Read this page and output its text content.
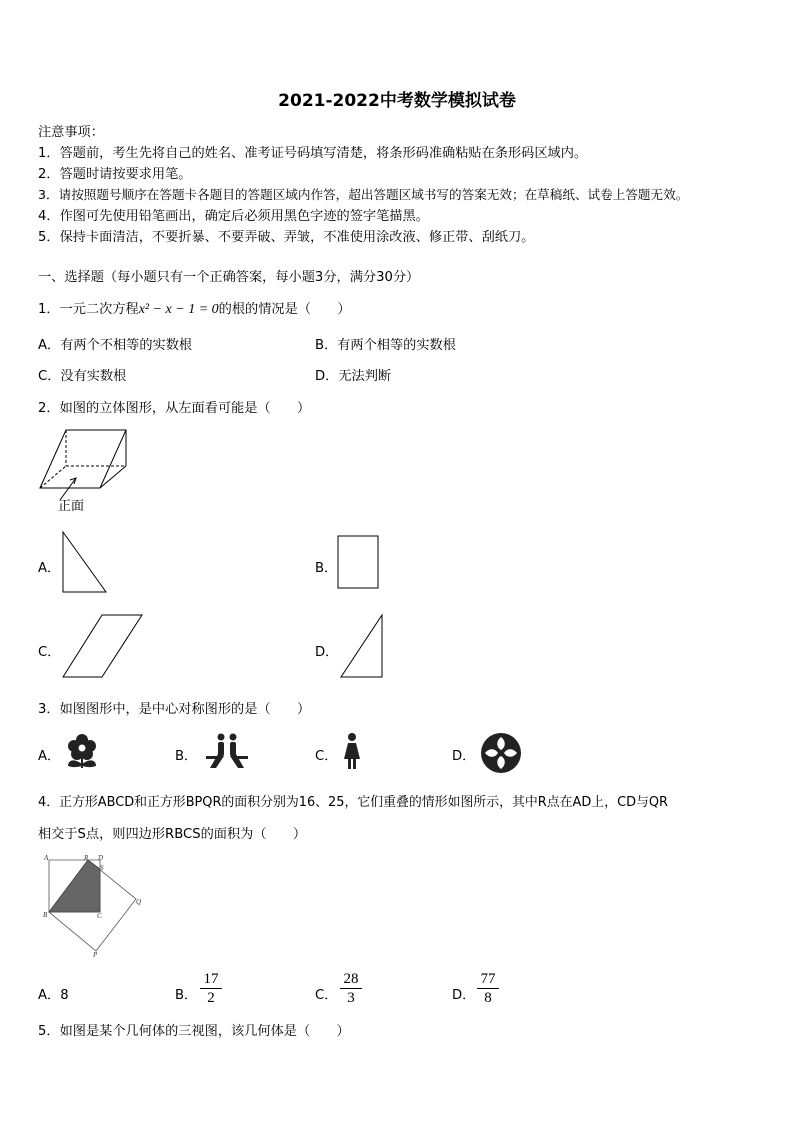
2021-2022中考数学模拟试卷
注意事项：
1．答题前，考生先将自己的姓名、准考证号码填写清楚，将条形码准确粘贴在条形码区域内。
2．答题时请按要求用笔。
3．请按照题号顺序在答题卡各题目的答题区域内作答，超出答题区域书写的答案无效；在草稿纸、试卷上答题无效。
4．作图可先使用铅笔画出，确定后必须用黑色字迹的签字笔描黑。
5．保持卡面清洁，不要折暴、不要弄破、弄皱，不准使用涂改液、修正带、刮纸刀。
一、选择题（每小题只有一个正确答案，每小题3分，满分30分）
1．一元二次方程x² − x − 1 = 0的根的情况是（　　）
A．有两个不相等的实数根	B．有两个相等的实数根
C．没有实数根	D．无法判断
2．如图的立体图形，从左面看可能是（　　）
正面
A．	B．
C．	D．
3．如图图形中，是中心对称图形的是（　　）
A．	B．	C．	D．
4．正方形ABCD和正方形BPQR的面积分别为16、25，它们重叠的情形如图所示，其中R点在AD上，CD与QR
相交于S点，则四边形RBCS的面积为（　　）
A	R D
S
B	C
Q
P
A．8	B． $\frac{17}{2}$	C． $\frac{28}{3}$	D． $\frac{77}{8}$
5．如图是某个几何体的三视图，该几何体是（　　）
